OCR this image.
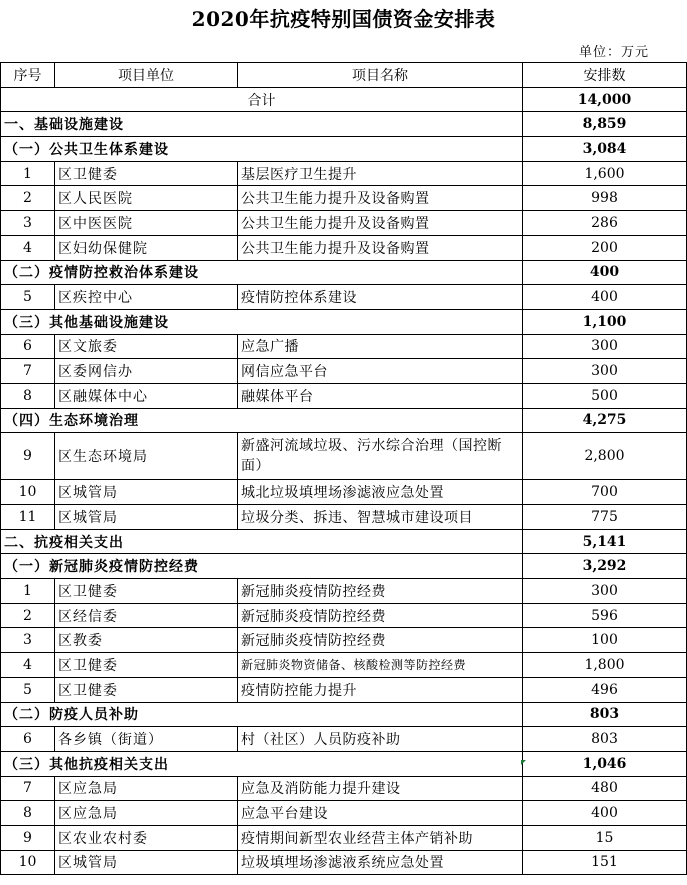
2020年抗疫特别国债资金安排表
单位：万元
序号	项目单位	项目名称	安排数
合计			14,000
一、基础设施建设			8,859
（一）公共卫生体系建设			3,084
1	区卫健委	基层医疗卫生提升	1,600
2	区人民医院	公共卫生能力提升及设备购置	998
3	区中医医院	公共卫生能力提升及设备购置	286
4	区妇幼保健院	公共卫生能力提升及设备购置	200
（二）疫情防控救治体系建设			400
5	区疾控中心	疫情防控体系建设	400
（三）其他基础设施建设			1,100
6	区文旅委	应急广播	300
7	区委网信办	网信应急平台	300
8	区融媒体中心	融媒体平台	500
（四）生态环境治理			4,275
9	区生态环境局	新盛河流域垃圾、污水综合治理（国控断面）	2,800
10	区城管局	城北垃圾填埋场渗滤液应急处置	700
11	区城管局	垃圾分类、拆违、智慧城市建设项目	775
二、抗疫相关支出			5,141
（一）新冠肺炎疫情防控经费			3,292
1	区卫健委	新冠肺炎疫情防控经费	300
2	区经信委	新冠肺炎疫情防控经费	596
3	区教委	新冠肺炎疫情防控经费	100
4	区卫健委	新冠肺炎物资储备、核酸检测等防控经费	1,800
5	区卫健委	疫情防控能力提升	496
（二）防疫人员补助			803
6	各乡镇（街道）	村（社区）人员防疫补助	803
（三）其他抗疫相关支出			1,046
7	区应急局	应急及消防能力提升建设	480
8	区应急局	应急平台建设	400
9	区农业农村委	疫情期间新型农业经营主体产销补助	15
10	区城管局	垃圾填埋场渗滤液系统应急处置	151
